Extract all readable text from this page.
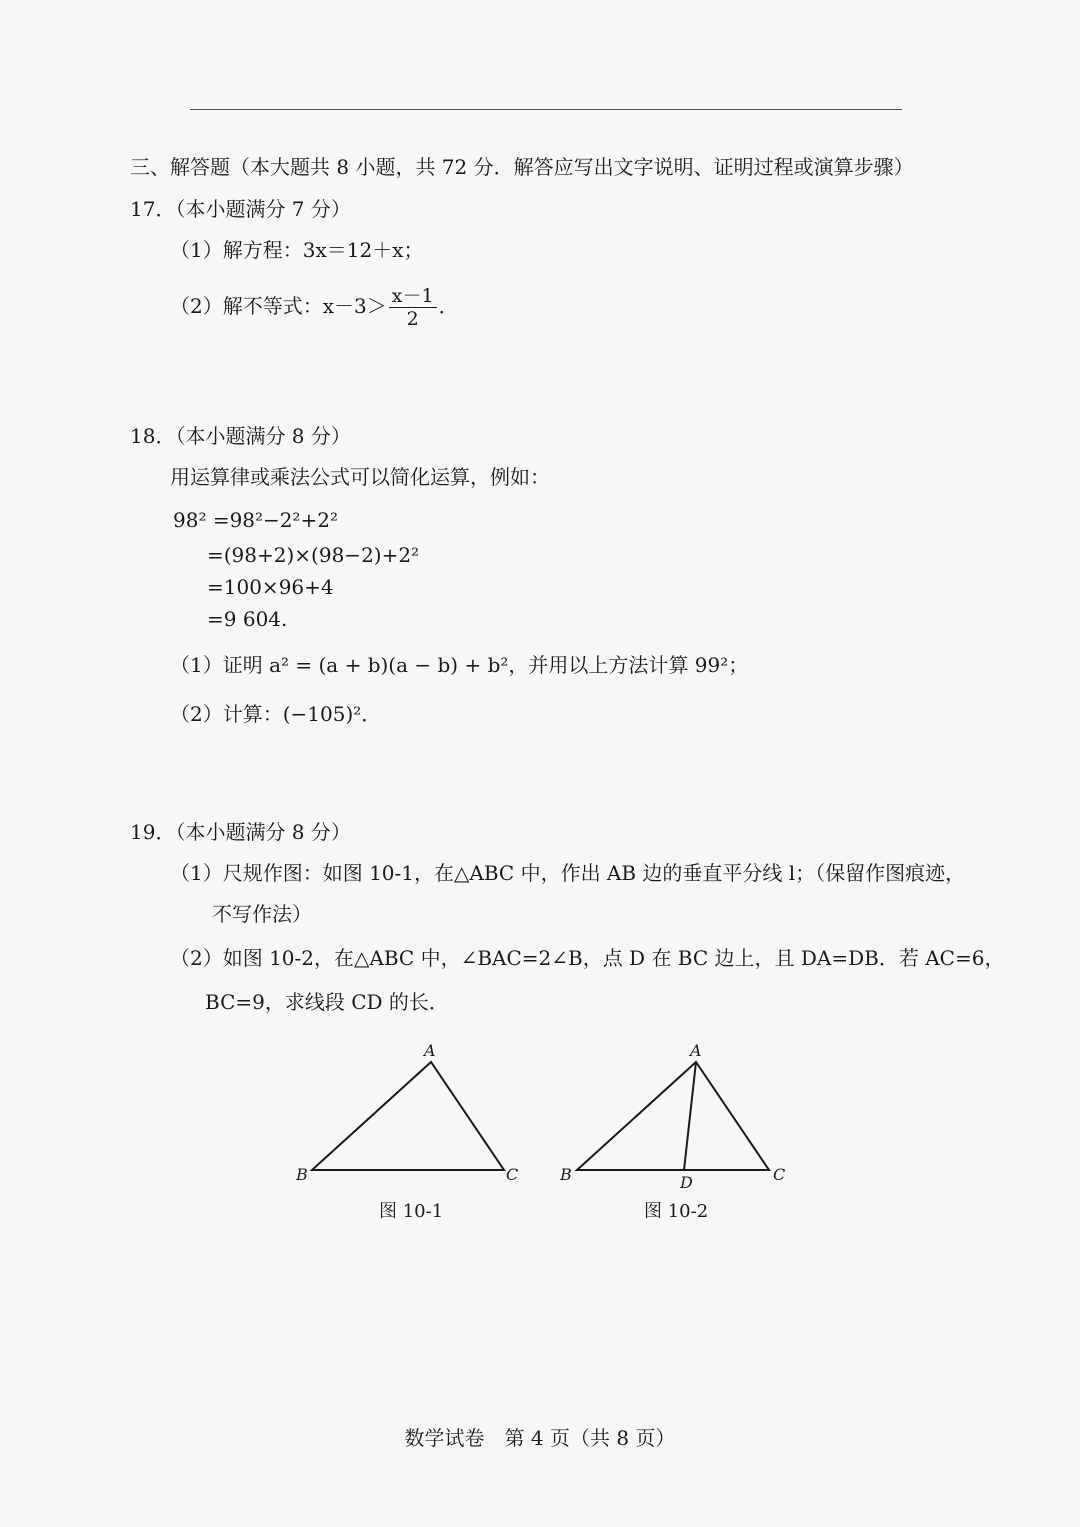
三、解答题（本大题共 8 小题，共 72 分．解答应写出文字说明、证明过程或演算步骤）
17．（本小题满分 7 分）
（1）解方程：3x＝12＋x；
（2）解不等式：$x-3> \frac{x-1}{2}$ ．
18．（本小题满分 8 分）
用运算律或乘法公式可以简化运算，例如：
98² =98²−2²+2²
=(98+2)×(98−2)+2²
=100×96+4
=9 604.
（1）证明 a² = (a + b)(a − b) + b²，并用以上方法计算 99²；
（2）计算：(−105)²．
19．（本小题满分 8 分）
（1）尺规作图：如图 10-1，在△ABC 中，作出 AB 边的垂直平分线 l；（保留作图痕迹，
不写作法）
（2）如图 10-2，在△ABC 中，∠BAC=2∠B，点 D 在 BC 边上，且 DA=DB．若 AC=6，
BC=9，求线段 CD 的长．
A
B	C
图 10-1
A
B	C
D
图 10-2
数学试卷　第 4 页（共 8 页）
